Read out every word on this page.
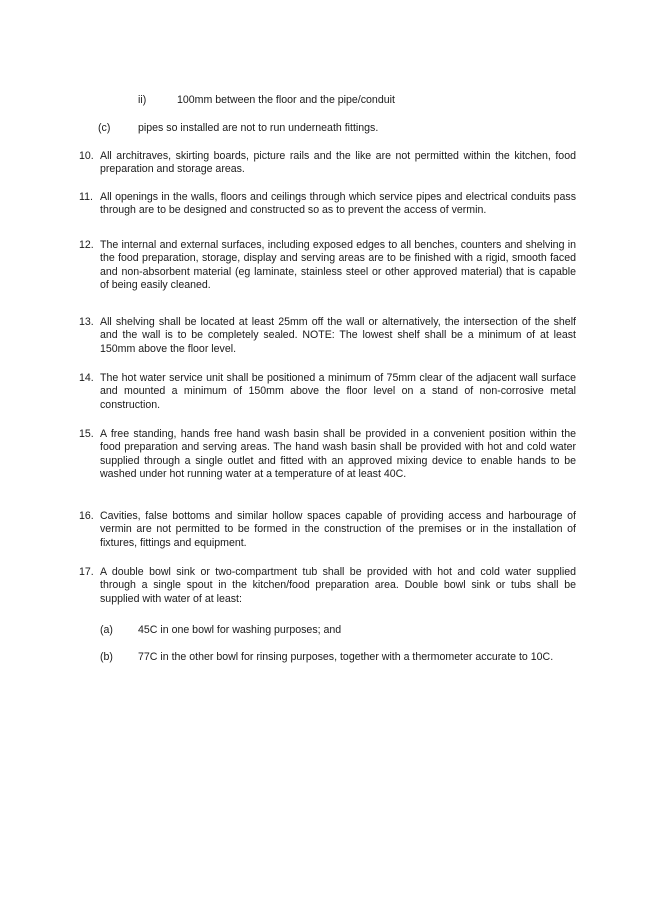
ii)	100mm between the floor and the pipe/conduit
(c)	pipes so installed are not to run underneath fittings.
10. All architraves, skirting boards, picture rails and the like are not permitted within the kitchen, food preparation and storage areas.
11. All openings in the walls, floors and ceilings through which service pipes and electrical conduits pass through are to be designed and constructed so as to prevent the access of vermin.
12. The internal and external surfaces, including exposed edges to all benches, counters and shelving in the food preparation, storage, display and serving areas are to be finished with a rigid, smooth faced and non-absorbent material (eg laminate, stainless steel or other approved material) that is capable of being easily cleaned.
13. All shelving shall be located at least 25mm off the wall or alternatively, the intersection of the shelf and the wall is to be completely sealed. NOTE: The lowest shelf shall be a minimum of at least 150mm above the floor level.
14. The hot water service unit shall be positioned a minimum of 75mm clear of the adjacent wall surface and mounted a minimum of 150mm above the floor level on a stand of non-corrosive metal construction.
15. A free standing, hands free hand wash basin shall be provided in a convenient position within the food preparation and serving areas. The hand wash basin shall be provided with hot and cold water supplied through a single outlet and fitted with an approved mixing device to enable hands to be washed under hot running water at a temperature of at least 40C.
16. Cavities, false bottoms and similar hollow spaces capable of providing access and harbourage of vermin are not permitted to be formed in the construction of the premises or in the installation of fixtures, fittings and equipment.
17. A double bowl sink or two-compartment tub shall be provided with hot and cold water supplied through a single spout in the kitchen/food preparation area. Double bowl sink or tubs shall be supplied with water of at least:
(a) 45C in one bowl for washing purposes; and
(b) 77C in the other bowl for rinsing purposes, together with a thermometer accurate to 10C.
